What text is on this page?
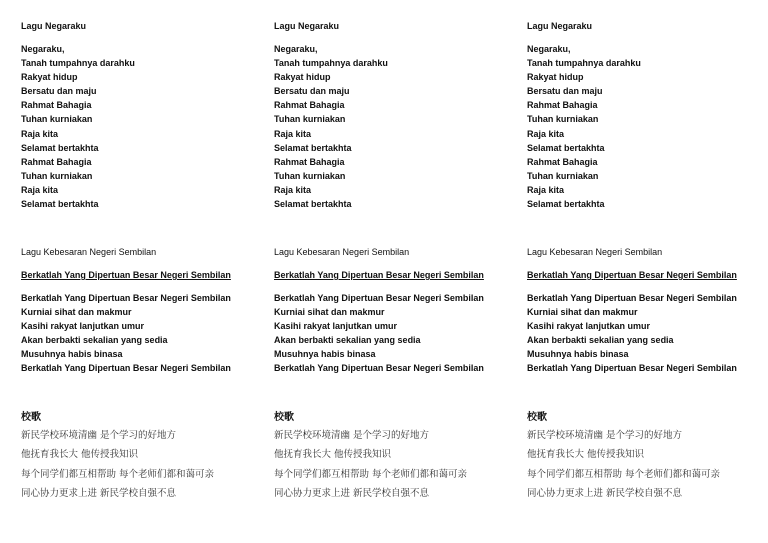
Lagu Negaraku
Negaraku,
Tanah tumpahnya darahku
Rakyat hidup
Bersatu dan maju
Rahmat Bahagia
Tuhan kurniakan
Raja kita
Selamat bertakhta
Rahmat Bahagia
Tuhan kurniakan
Raja kita
Selamat bertakhta
Lagu Kebesaran Negeri Sembilan
Berkatlah Yang Dipertuan Besar Negeri Sembilan
Berkatlah Yang Dipertuan Besar Negeri Sembilan
Kurniai sihat dan makmur
Kasihi rakyat lanjutkan umur
Akan berbakti sekalian yang sedia
Musuhnya habis binasa
Berkatlah Yang Dipertuan Besar Negeri Sembilan
校歌
新民学校环境清幽 是个学习的好地方
他抚育我长大 他传授我知识
每个同学们都互相帮助 每个老师们都和蔼可亲
同心协力更求上进 新民学校自强不息
Lagu Negaraku
Negaraku,
Tanah tumpahnya darahku
Rakyat hidup
Bersatu dan maju
Rahmat Bahagia
Tuhan kurniakan
Raja kita
Selamat bertakhta
Rahmat Bahagia
Tuhan kurniakan
Raja kita
Selamat bertakhta
Lagu Kebesaran Negeri Sembilan
Berkatlah Yang Dipertuan Besar Negeri Sembilan
Berkatlah Yang Dipertuan Besar Negeri Sembilan
Kurniai sihat dan makmur
Kasihi rakyat lanjutkan umur
Akan berbakti sekalian yang sedia
Musuhnya habis binasa
Berkatlah Yang Dipertuan Besar Negeri Sembilan
校歌
新民学校环境清幽 是个学习的好地方
他抚育我长大 他传授我知识
每个同学们都互相帮助 每个老师们都和蔼可亲
同心协力更求上进 新民学校自强不息
Lagu Negaraku
Negaraku,
Tanah tumpahnya darahku
Rakyat hidup
Bersatu dan maju
Rahmat Bahagia
Tuhan kurniakan
Raja kita
Selamat bertakhta
Rahmat Bahagia
Tuhan kurniakan
Raja kita
Selamat bertakhta
Lagu Kebesaran Negeri Sembilan
Berkatlah Yang Dipertuan Besar Negeri Sembilan
Berkatlah Yang Dipertuan Besar Negeri Sembilan
Kurniai sihat dan makmur
Kasihi rakyat lanjutkan umur
Akan berbakti sekalian yang sedia
Musuhnya habis binasa
Berkatlah Yang Dipertuan Besar Negeri Sembilan
校歌
新民学校环境清幽 是个学习的好地方
他抚育我长大 他传授我知识
每个同学们都互相帮助 每个老师们都和蔼可亲
同心协力更求上进 新民学校自强不息
